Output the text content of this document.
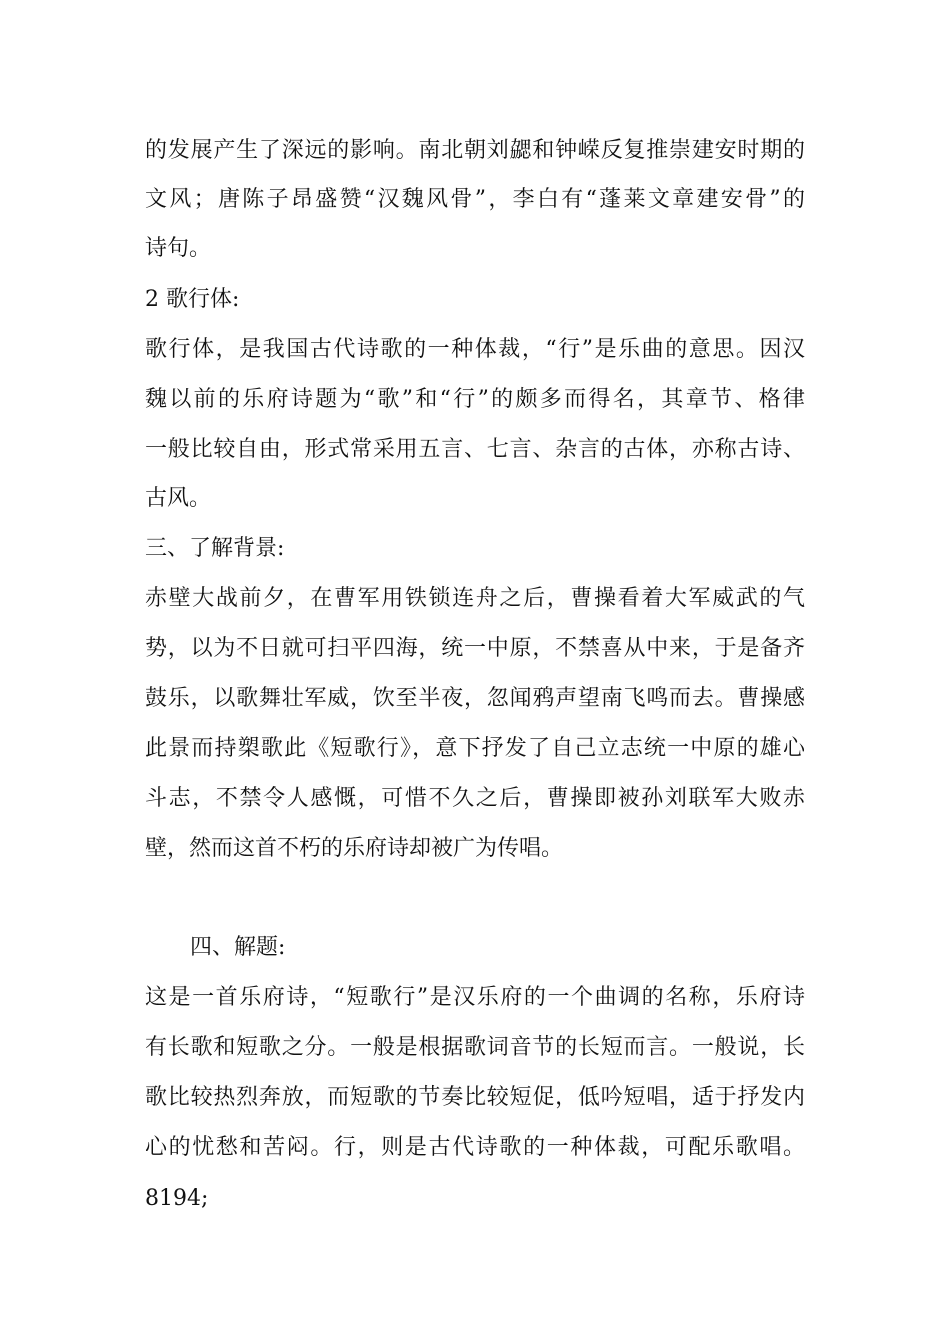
的发展产生了深远的影响。南北朝刘勰和钟嵘反复推崇建安时期的
文风；唐陈子昂盛赞“汉魏风骨”，李白有“蓬莱文章建安骨”的
诗句。
2 歌行体:
歌行体，是我国古代诗歌的一种体裁，“行”是乐曲的意思。因汉
魏以前的乐府诗题为“歌”和“行”的颇多而得名，其章节、格律
一般比较自由，形式常采用五言、七言、杂言的古体，亦称古诗、
古风。
三、了解背景:
赤壁大战前夕，在曹军用铁锁连舟之后，曹操看着大军威武的气
势，以为不日就可扫平四海，统一中原，不禁喜从中来，于是备齐
鼓乐，以歌舞壮军威，饮至半夜，忽闻鸦声望南飞鸣而去。曹操感
此景而持槊歌此《短歌行》，意下抒发了自己立志统一中原的雄心
斗志，不禁令人感慨，可惜不久之后，曹操即被孙刘联军大败赤
壁，然而这首不朽的乐府诗却被广为传唱。
四、解题:
这是一首乐府诗，“短歌行”是汉乐府的一个曲调的名称，乐府诗
有长歌和短歌之分。一般是根据歌词音节的长短而言。一般说，长
歌比较热烈奔放，而短歌的节奏比较短促，低吟短唱，适于抒发内
心的忧愁和苦闷。行，则是古代诗歌的一种体裁，可配乐歌唱。
8194;
